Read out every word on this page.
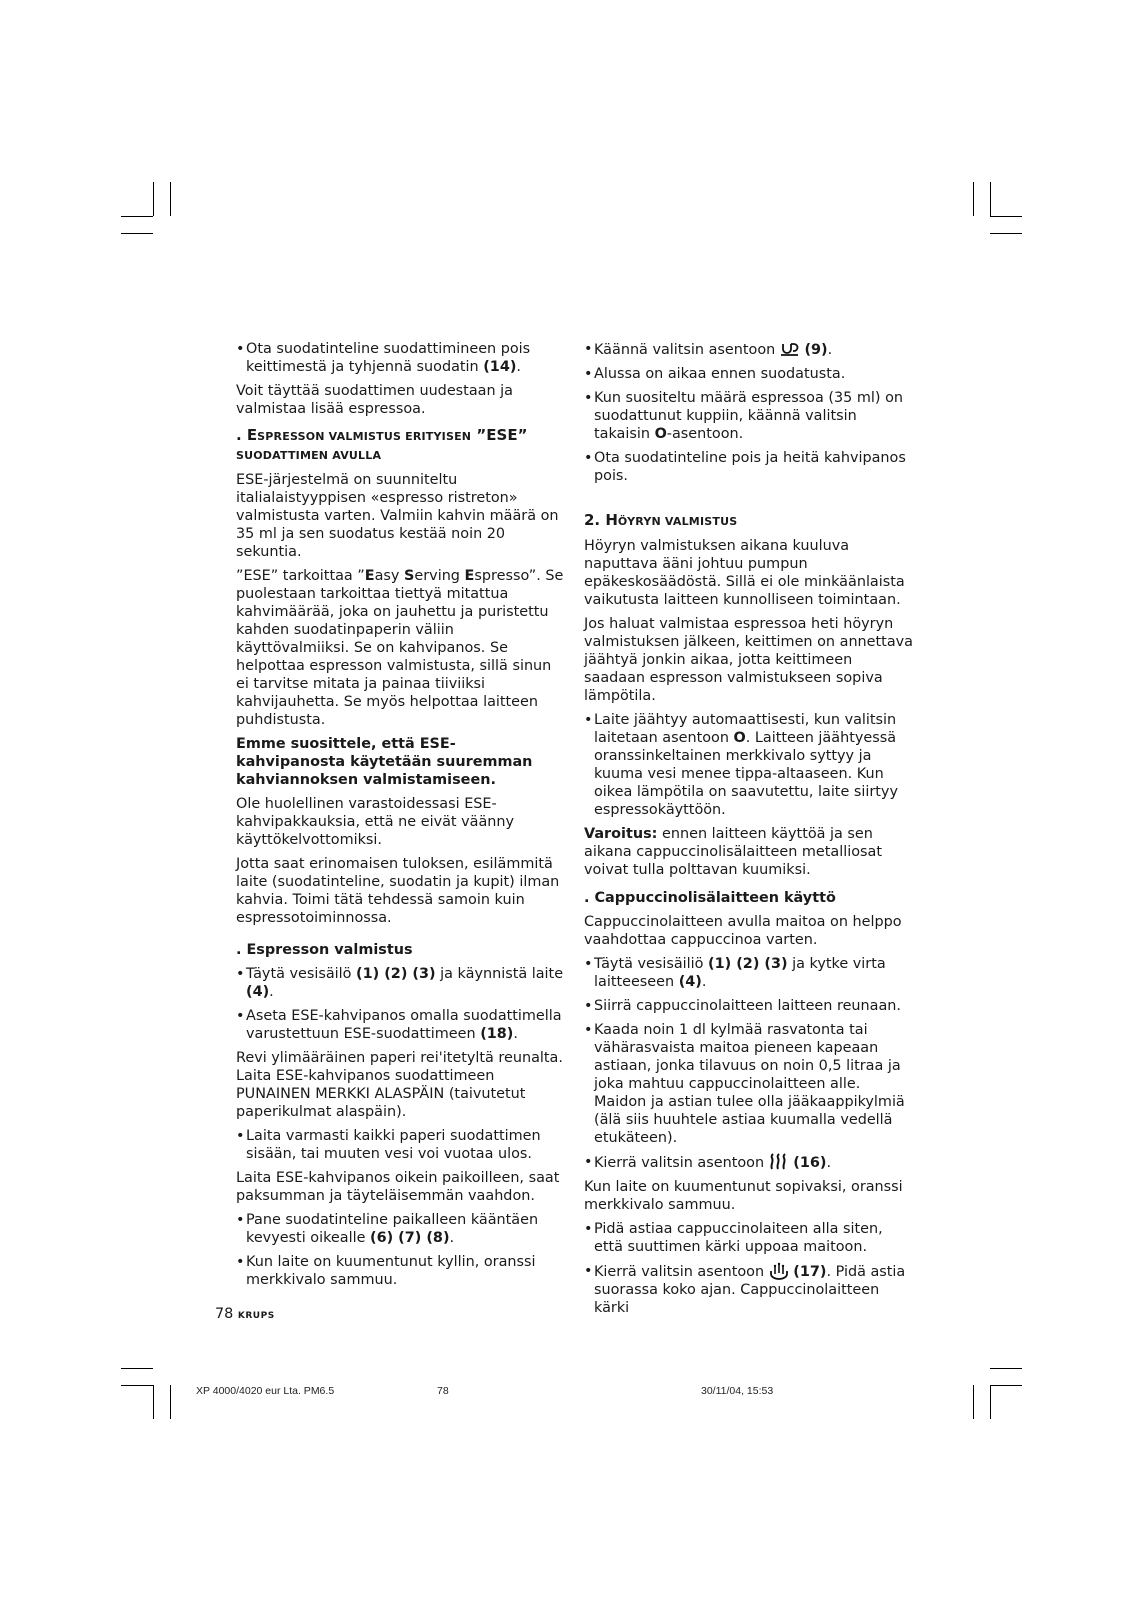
• Ota suodatinteline suodattimineen pois keittimestä ja tyhjennä suodatin (14).

Voit täyttää suodattimen uudestaan ja valmistaa lisää espressoa.

. ESPRESSON VALMISTUS ERITYISEN ”ESE”
SUODATTIMEN AVULLA

ESE-järjestelmä on suunniteltu italialaistyyppisen «espresso ristreton» valmistusta varten. Valmiin kahvin määrä on 35 ml ja sen suodatus kestää noin 20 sekuntia.

”ESE” tarkoittaa ”Easy Serving Espresso”. Se puolestaan tarkoittaa tiettyä mitattua kahvimäärää, joka on jauhettu ja puristettu kahden suodatinpaperin väliin käyttövalmiiksi. Se on kahvipanos. Se helpottaa espresson valmistusta, sillä sinun ei tarvitse mitata ja painaa tiiviiksi kahvijauhetta. Se myös helpottaa laitteen puhdistusta.

Emme suosittele, että ESE-kahvipanosta käytetään suuremman kahviannoksen valmistamiseen.

Ole huolellinen varastoidessasi ESE-kahvipakkauksia, että ne eivät väänny käyttökelvottomiksi.

Jotta saat erinomaisen tuloksen, esilämmitä laite (suodatinteline, suodatin ja kupit) ilman kahvia. Toimi tätä tehdessä samoin kuin espressotoiminnossa.

. Espresson valmistus
• Täytä vesisäilö (1) (2) (3) ja käynnistä laite (4).
• Aseta ESE-kahvipanos omalla suodattimella varustettuun ESE-suodattimeen (18).

Revi ylimääräinen paperi rei'itetyltä reunalta. Laita ESE-kahvipanos suodattimeen PUNAINEN MERKKI ALASPÄIN (taivutetut paperikulmat alaspäin).

• Laita varmasti kaikki paperi suodattimen sisään, tai muuten vesi voi vuotaa ulos.

Laita ESE-kahvipanos oikein paikoilleen, saat paksumman ja täyteläisemmän vaahdon.

• Pane suodatinteline paikalleen kääntäen kevyesti oikealle (6) (7) (8).
• Kun laite on kuumentunut kyllin, oranssi merkkivalo sammuu.
• Käännä valitsin asentoon  (9).
• Alussa on aikaa ennen suodatusta.
• Kun suositeltu määrä espressoa (35 ml) on suodattunut kuppiin, käännä valitsin takaisin O-asentoon.
• Ota suodatinteline pois ja heitä kahvipanos pois.
2. HÖYRYN VALMISTUS

Höyryn valmistuksen aikana kuuluva naputtava ääni johtuu pumpun epäkeskosäädöstä. Sillä ei ole minkäänlaista vaikutusta laitteen kunnolliseen toimintaan.

Jos haluat valmistaa espressoa heti höyryn valmistuksen jälkeen, keittimen on annettava jäähtyä jonkin aikaa, jotta keittimeen saadaan espresson valmistukseen sopiva lämpötila.

• Laite jäähtyy automaattisesti, kun valitsin laitetaan asentoon O. Laitteen jäähtyessä oranssinkeltainen merkkivalo syttyy ja kuuma vesi menee tippa-altaaseen. Kun oikea lämpötila on saavutettu, laite siirtyy espressokäyttöön.

Varoitus: ennen laitteen käyttöä ja sen aikana cappuccinolisälaitteen metalliosat voivat tulla polttavan kuumiksi.

. Cappuccinolisälaitteen käyttö

Cappuccinolaitteen avulla maitoa on helppo vaahdottaa cappuccinoa varten.

• Täytä vesisäiliö (1) (2) (3) ja kytke virta laitteeseen (4).
• Siirrä cappuccinolaitteen laitteen reunaan.
• Kaada noin 1 dl kylmää rasvatonta tai vähärasvaista maitoa pieneen kapeaan astiaan, jonka tilavuus on noin 0,5 litraa ja joka mahtuu cappuccinolaitteen alle. Maidon ja astian tulee olla jääkaappikylmiä (älä siis huuhtele astiaa kuumalla vedellä etukäteen).
• Kierrä valitsin asentoon  (16).

Kun laite on kuumentunut sopivaksi, oranssi merkkivalo sammuu.

• Pidä astiaa cappuccinolaiteen alla siten, että suuttimen kärki uppoaa maitoon.
• Kierrä valitsin asentoon  (17). Pidä astia suorassa koko ajan. Cappuccinolaitteen kärki
78 KRUPS
XP 4000/4020 eur Lta. PM6.5	78	30/11/04, 15:53
